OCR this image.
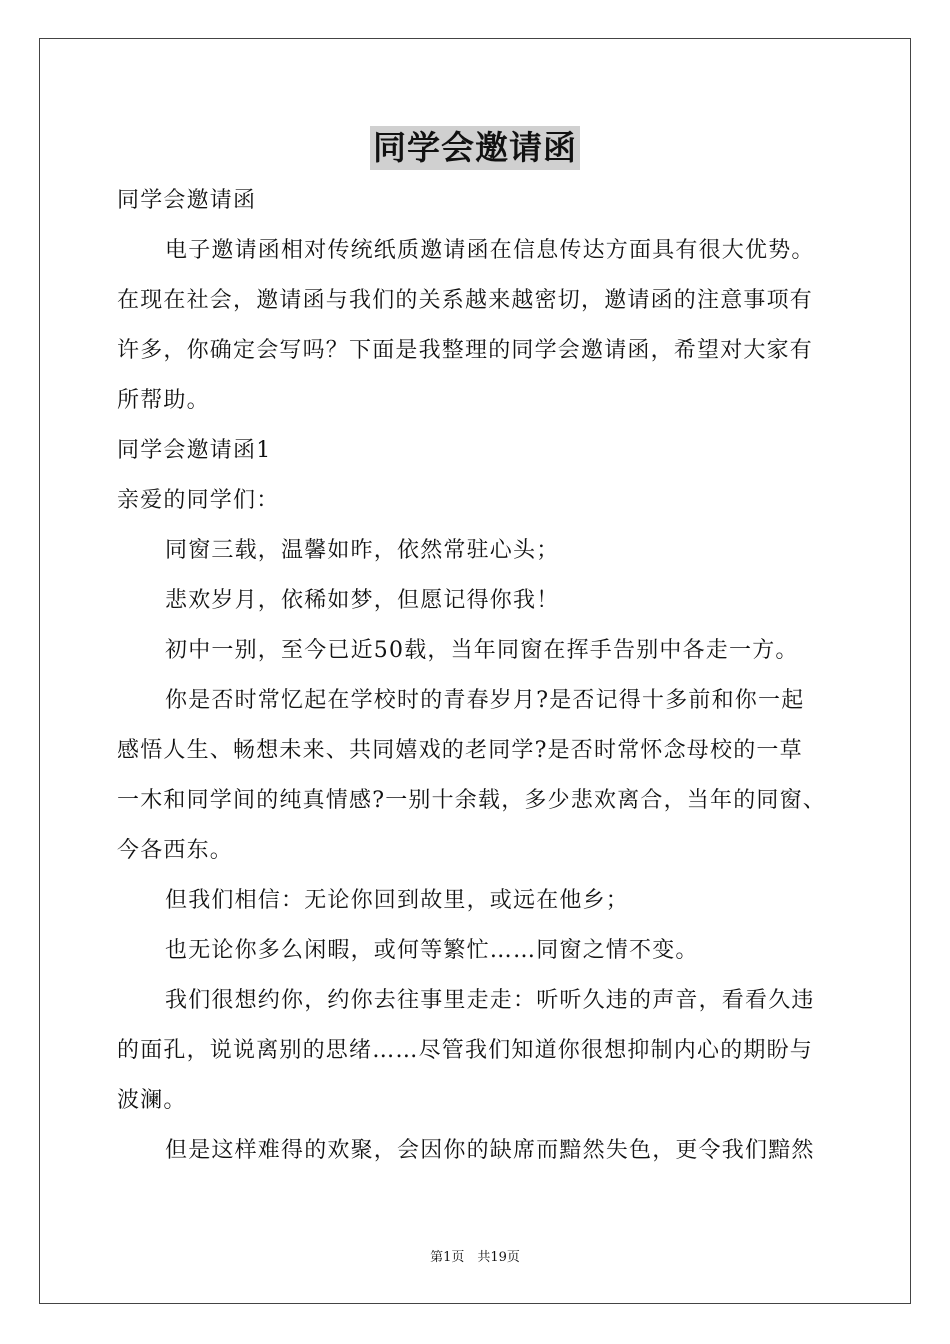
同学会邀请函
同学会邀请函
电子邀请函相对传统纸质邀请函在信息传达方面具有很大优势。
在现在社会，邀请函与我们的关系越来越密切，邀请函的注意事项有
许多，你确定会写吗？下面是我整理的同学会邀请函，希望对大家有
所帮助。
同学会邀请函1
亲爱的同学们：
同窗三载，温馨如昨，依然常驻心头；
悲欢岁月，依稀如梦，但愿记得你我！
初中一别，至今已近50载，当年同窗在挥手告别中各走一方。
你是否时常忆起在学校时的青春岁月?是否记得十多前和你一起
感悟人生、畅想未来、共同嬉戏的老同学?是否时常怀念母校的一草
一木和同学间的纯真情感?一别十余载，多少悲欢离合，当年的同窗、
今各西东。
但我们相信：无论你回到故里，或远在他乡；
也无论你多么闲暇，或何等繁忙……同窗之情不变。
我们很想约你，约你去往事里走走：听听久违的声音，看看久违
的面孔，说说离别的思绪……尽管我们知道你很想抑制内心的期盼与
波澜。
但是这样难得的欢聚，会因你的缺席而黯然失色，更令我们黯然
第1页　共19页
